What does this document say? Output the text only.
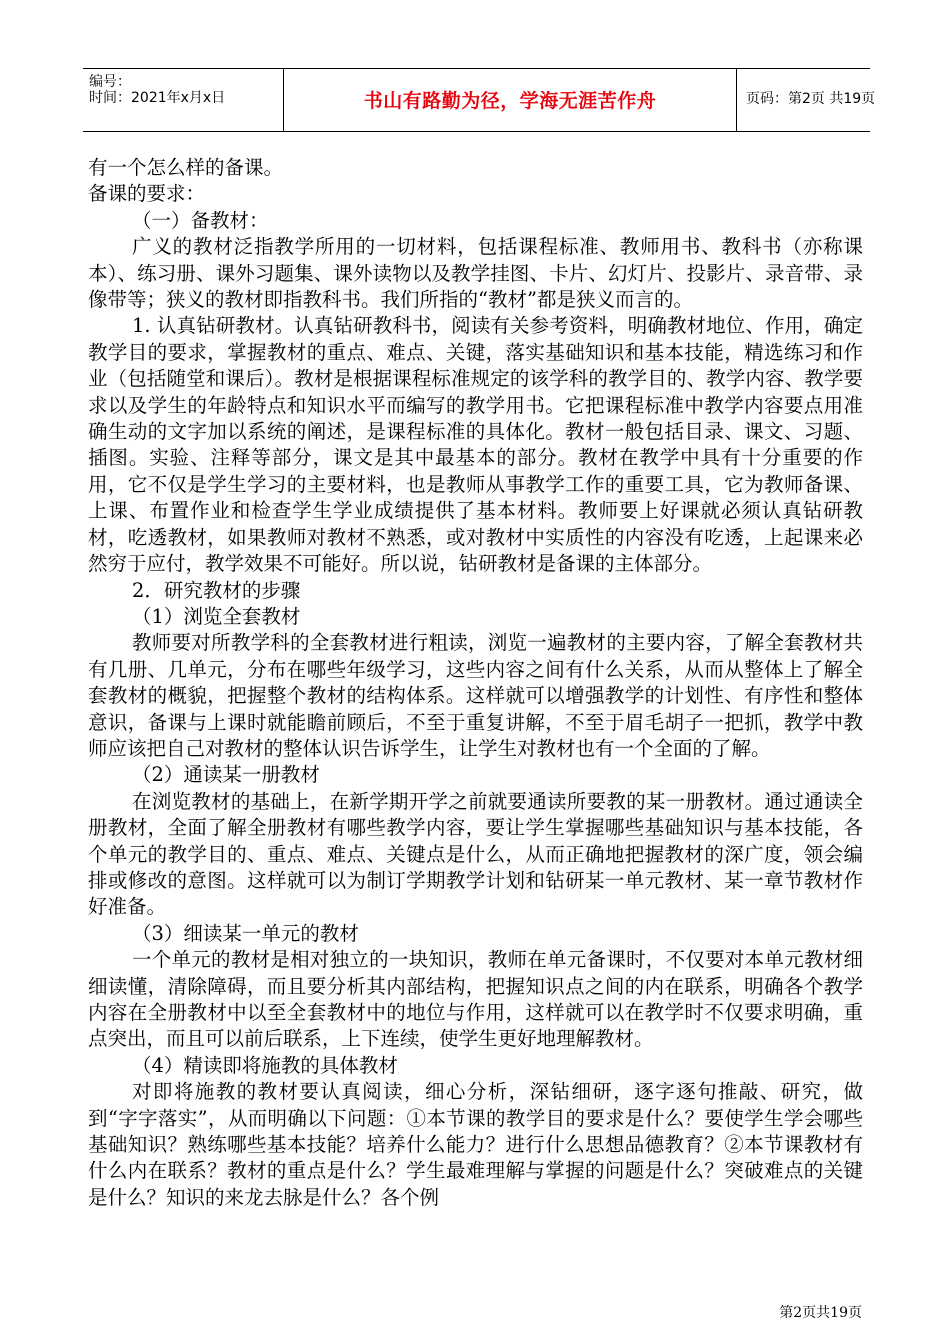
编号：
时间：2021年x月x日	书山有路勤为径，学海无涯苦作舟	页码：第2页 共19页

有一个怎么样的备课。

备课的要求：

（一）备教材：

广义的教材泛指教学所用的一切材料，包括课程标准、教师用书、教科书（亦称课本）、练习册、课外习题集、课外读物以及教学挂图、卡片、幻灯片、投影片、录音带、录像带等；狭义的教材即指教科书。我们所指的“教材”都是狭义而言的。

1. 认真钻研教材。认真钻研教科书，阅读有关参考资料，明确教材地位、作用，确定教学目的要求，掌握教材的重点、难点、关键，落实基础知识和基本技能，精选练习和作业（包括随堂和课后）。教材是根据课程标准规定的该学科的教学目的、教学内容、教学要求以及学生的年龄特点和知识水平而编写的教学用书。它把课程标准中教学内容要点用准确生动的文字加以系统的阐述，是课程标准的具体化。教材一般包括目录、课文、习题、插图。实验、注释等部分，课文是其中最基本的部分。教材在教学中具有十分重要的作用，它不仅是学生学习的主要材料，也是教师从事教学工作的重要工具，它为教师备课、上课、布置作业和检查学生学业成绩提供了基本材料。教师要上好课就必须认真钻研教材，吃透教材，如果教师对教材不熟悉，或对教材中实质性的内容没有吃透，上起课来必然穷于应付，教学效果不可能好。所以说，钻研教材是备课的主体部分。

2．研究教材的步骤

（1）浏览全套教材

教师要对所教学科的全套教材进行粗读，浏览一遍教材的主要内容，了解全套教材共有几册、几单元，分布在哪些年级学习，这些内容之间有什么关系，从而从整体上了解全套教材的概貌，把握整个教材的结构体系。这样就可以增强教学的计划性、有序性和整体意识，备课与上课时就能瞻前顾后，不至于重复讲解，不至于眉毛胡子一把抓，教学中教师应该把自己对教材的整体认识告诉学生，让学生对教材也有一个全面的了解。

（2）通读某一册教材

在浏览教材的基础上，在新学期开学之前就要通读所要教的某一册教材。通过通读全册教材，全面了解全册教材有哪些教学内容，要让学生掌握哪些基础知识与基本技能，各个单元的教学目的、重点、难点、关键点是什么，从而正确地把握教材的深广度，领会编排或修改的意图。这样就可以为制订学期教学计划和钻研某一单元教材、某一章节教材作好准备。

（3）细读某一单元的教材

一个单元的教材是相对独立的一块知识，教师在单元备课时，不仅要对本单元教材细细读懂，清除障碍，而且要分析其内部结构，把握知识点之间的内在联系，明确各个教学内容在全册教材中以至全套教材中的地位与作用，这样就可以在教学时不仅要求明确，重点突出，而且可以前后联系，上下连续，使学生更好地理解教材。

（4）精读即将施教的具体教材

对即将施教的教材要认真阅读，细心分析，深钻细研，逐字逐句推敲、研究，做到“字字落实”，从而明确以下问题：①本节课的教学目的要求是什么？要使学生学会哪些基础知识？熟练哪些基本技能？培养什么能力？进行什么思想品德教育？②本节课教材有什么内在联系？教材的重点是什么？学生最难理解与掌握的问题是什么？突破难点的关键是什么？知识的来龙去脉是什么？各个例

第2页共19页
